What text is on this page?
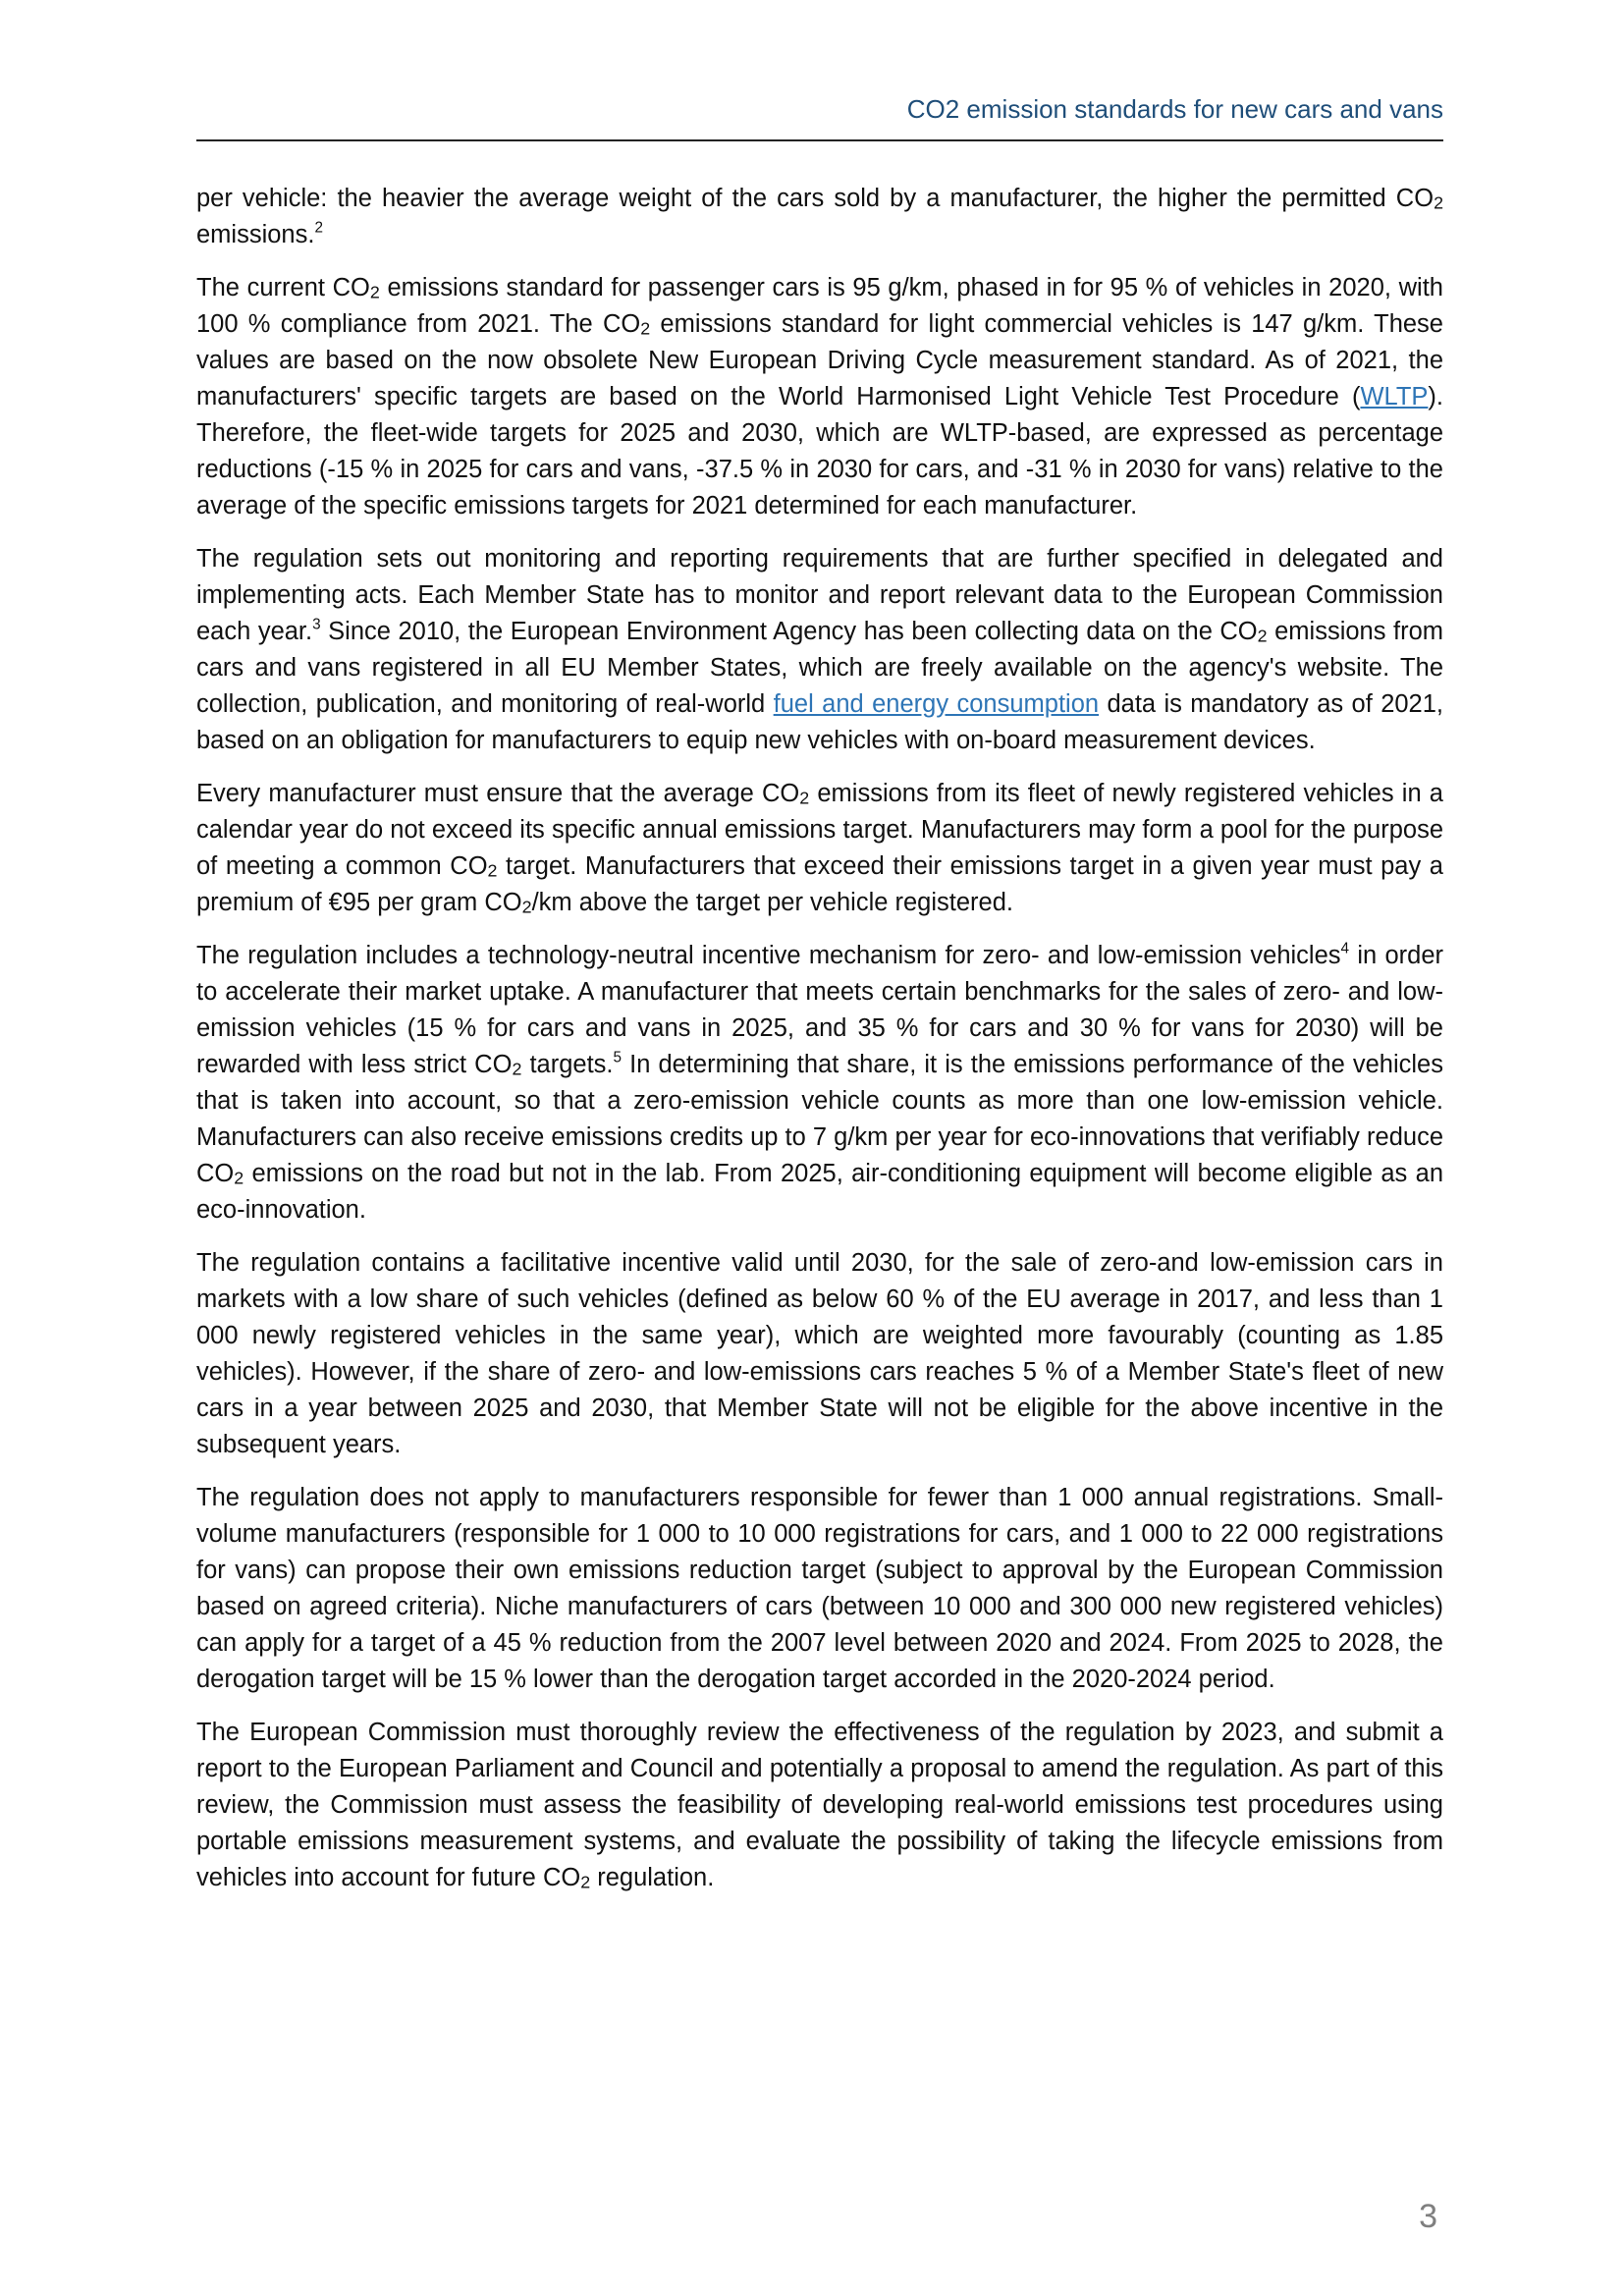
CO2 emission standards for new cars and vans

per vehicle: the heavier the average weight of the cars sold by a manufacturer, the higher the permitted $CO_2$ emissions.$^2$

The current $CO_2$ emissions standard for passenger cars is 95 g/km, phased in for 95 % of vehicles in 2020, with 100 % compliance from 2021. The $CO_2$ emissions standard for light commercial vehicles is 147 g/km. These values are based on the now obsolete New European Driving Cycle measurement standard. As of 2021, the manufacturers' specific targets are based on the World Harmonised Light Vehicle Test Procedure (WLTP). Therefore, the fleet-wide targets for 2025 and 2030, which are WLTP-based, are expressed as percentage reductions (-15 % in 2025 for cars and vans, -37.5 % in 2030 for cars, and -31 % in 2030 for vans) relative to the average of the specific emissions targets for 2021 determined for each manufacturer.

The regulation sets out monitoring and reporting requirements that are further specified in delegated and implementing acts. Each Member State has to monitor and report relevant data to the European Commission each year.$^3$ Since 2010, the European Environment Agency has been collecting data on the $CO_2$ emissions from cars and vans registered in all EU Member States, which are freely available on the agency's website. The collection, publication, and monitoring of real-world fuel and energy consumption data is mandatory as of 2021, based on an obligation for manufacturers to equip new vehicles with on-board measurement devices.

Every manufacturer must ensure that the average $CO_2$ emissions from its fleet of newly registered vehicles in a calendar year do not exceed its specific annual emissions target. Manufacturers may form a pool for the purpose of meeting a common $CO_2$ target. Manufacturers that exceed their emissions target in a given year must pay a premium of €95 per gram $CO_2/km$ above the target per vehicle registered.

The regulation includes a technology-neutral incentive mechanism for zero- and low-emission vehicles$^4$ in order to accelerate their market uptake. A manufacturer that meets certain benchmarks for the sales of zero- and low-emission vehicles (15 % for cars and vans in 2025, and 35 % for cars and 30 % for vans for 2030) will be rewarded with less strict $CO_2$ targets.$^5$ In determining that share, it is the emissions performance of the vehicles that is taken into account, so that a zero-emission vehicle counts as more than one low-emission vehicle. Manufacturers can also receive emissions credits up to 7 g/km per year for eco-innovations that verifiably reduce $CO_2$ emissions on the road but not in the lab. From 2025, air-conditioning equipment will become eligible as an eco-innovation.

The regulation contains a facilitative incentive valid until 2030, for the sale of zero-and low-emission cars in markets with a low share of such vehicles (defined as below 60 % of the EU average in 2017, and less than 1 000 newly registered vehicles in the same year), which are weighted more favourably (counting as 1.85 vehicles). However, if the share of zero- and low-emissions cars reaches 5 % of a Member State's fleet of new cars in a year between 2025 and 2030, that Member State will not be eligible for the above incentive in the subsequent years.

The regulation does not apply to manufacturers responsible for fewer than 1 000 annual registrations. Small-volume manufacturers (responsible for 1 000 to 10 000 registrations for cars, and 1 000 to 22 000 registrations for vans) can propose their own emissions reduction target (subject to approval by the European Commission based on agreed criteria). Niche manufacturers of cars (between 10 000 and 300 000 new registered vehicles) can apply for a target of a 45 % reduction from the 2007 level between 2020 and 2024. From 2025 to 2028, the derogation target will be 15 % lower than the derogation target accorded in the 2020-2024 period.

The European Commission must thoroughly review the effectiveness of the regulation by 2023, and submit a report to the European Parliament and Council and potentially a proposal to amend the regulation. As part of this review, the Commission must assess the feasibility of developing real-world emissions test procedures using portable emissions measurement systems, and evaluate the possibility of taking the lifecycle emissions from vehicles into account for future $CO_2$ regulation.

3
